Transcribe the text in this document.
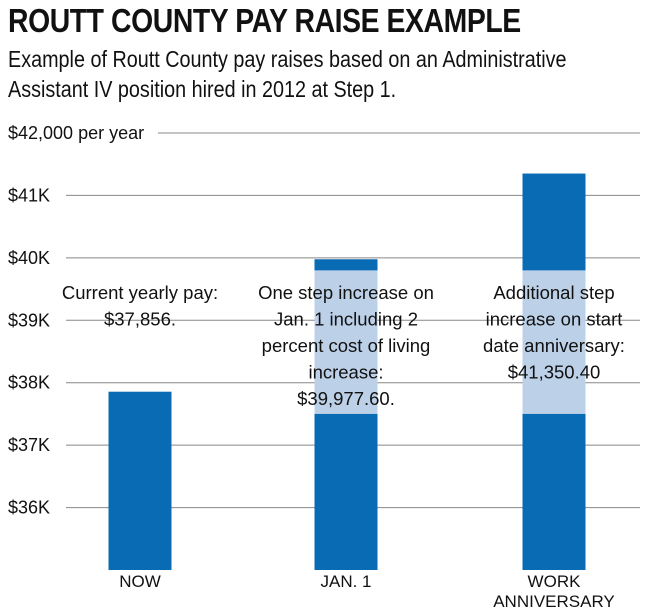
ROUTT COUNTY PAY RAISE EXAMPLE
Example of Routt County pay raises based on an Administrative
Assistant IV position hired in 2012 at Step 1.
$42,000 per year
$41K
$40K
$39K
$38K
$37K
$36K
Current yearly pay:
$37,856.
One step increase on
Jan. 1 including 2
percent cost of living
increase:
$39,977.60.
Additional step
increase on start
date anniversary:
$41,350.40
NOW	JAN. 1	WORK
ANNIVERSARY
